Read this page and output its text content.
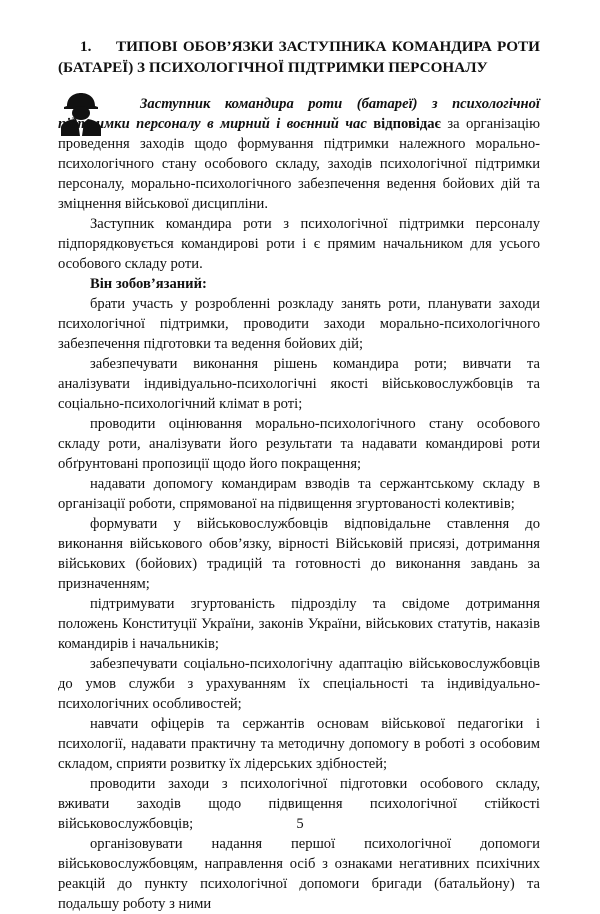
1. ТИПОВІ ОБОВ’ЯЗКИ ЗАСТУПНИКА КОМАНДИРА РОТИ (БАТАРЕЇ) З ПСИХОЛОГІЧНОЇ ПІДТРИМКИ ПЕРСОНАЛУ

Заступник командира роти (батареї) з психологічної підтримки персоналу в мирний і воєнний час відповідає за організацію проведення заходів щодо формування підтримки належного морально-психологічного стану особового складу, заходів психологічної підтримки персоналу, морально-психологічного забезпечення ведення бойових дій та зміцнення військової дисципліни.

Заступник командира роти з психологічної підтримки персоналу підпорядковується командирові роти і є прямим начальником для усього особового складу роти.

Він зобов’язаний:

брати участь у розробленні розкладу занять роти, планувати заходи психологічної підтримки, проводити заходи морально-психологічного забезпечення підготовки та ведення бойових дій;

забезпечувати виконання рішень командира роти; вивчати та аналізувати індивідуально-психологічні якості військовослужбовців та соціально-психологічний клімат в роті;

проводити оцінювання морально-психологічного стану особового складу роти, аналізувати його результати та надавати командирові роти обґрунтовані пропозиції щодо його покращення;

надавати допомогу командирам взводів та сержантському складу в організації роботи, спрямованої на підвищення згуртованості колективів;

формувати у військовослужбовців відповідальне ставлення до виконання військового обов’язку, вірності Військовій присязі, дотримання військових (бойових) традицій та готовності до виконання завдань за призначенням;

підтримувати згуртованість підрозділу та свідоме дотримання положень Конституції України, законів України, військових статутів, наказів командирів і начальників;

забезпечувати соціально-психологічну адаптацію військовослужбовців до умов служби з урахуванням їх спеціальності та індивідуально-психологічних особливостей;

навчати офіцерів та сержантів основам військової педагогіки і психології, надавати практичну та методичну допомогу в роботі з особовим складом, сприяти розвитку їх лідерських здібностей;

проводити заходи з психологічної підготовки особового складу, вживати заходів щодо підвищення психологічної стійкості військовослужбовців;

організовувати надання першої психологічної допомоги військовослужбовцям, направлення осіб з ознаками негативних психічних реакцій до пункту психологічної допомоги бригади (батальйону) та подальшу роботу з ними

5
